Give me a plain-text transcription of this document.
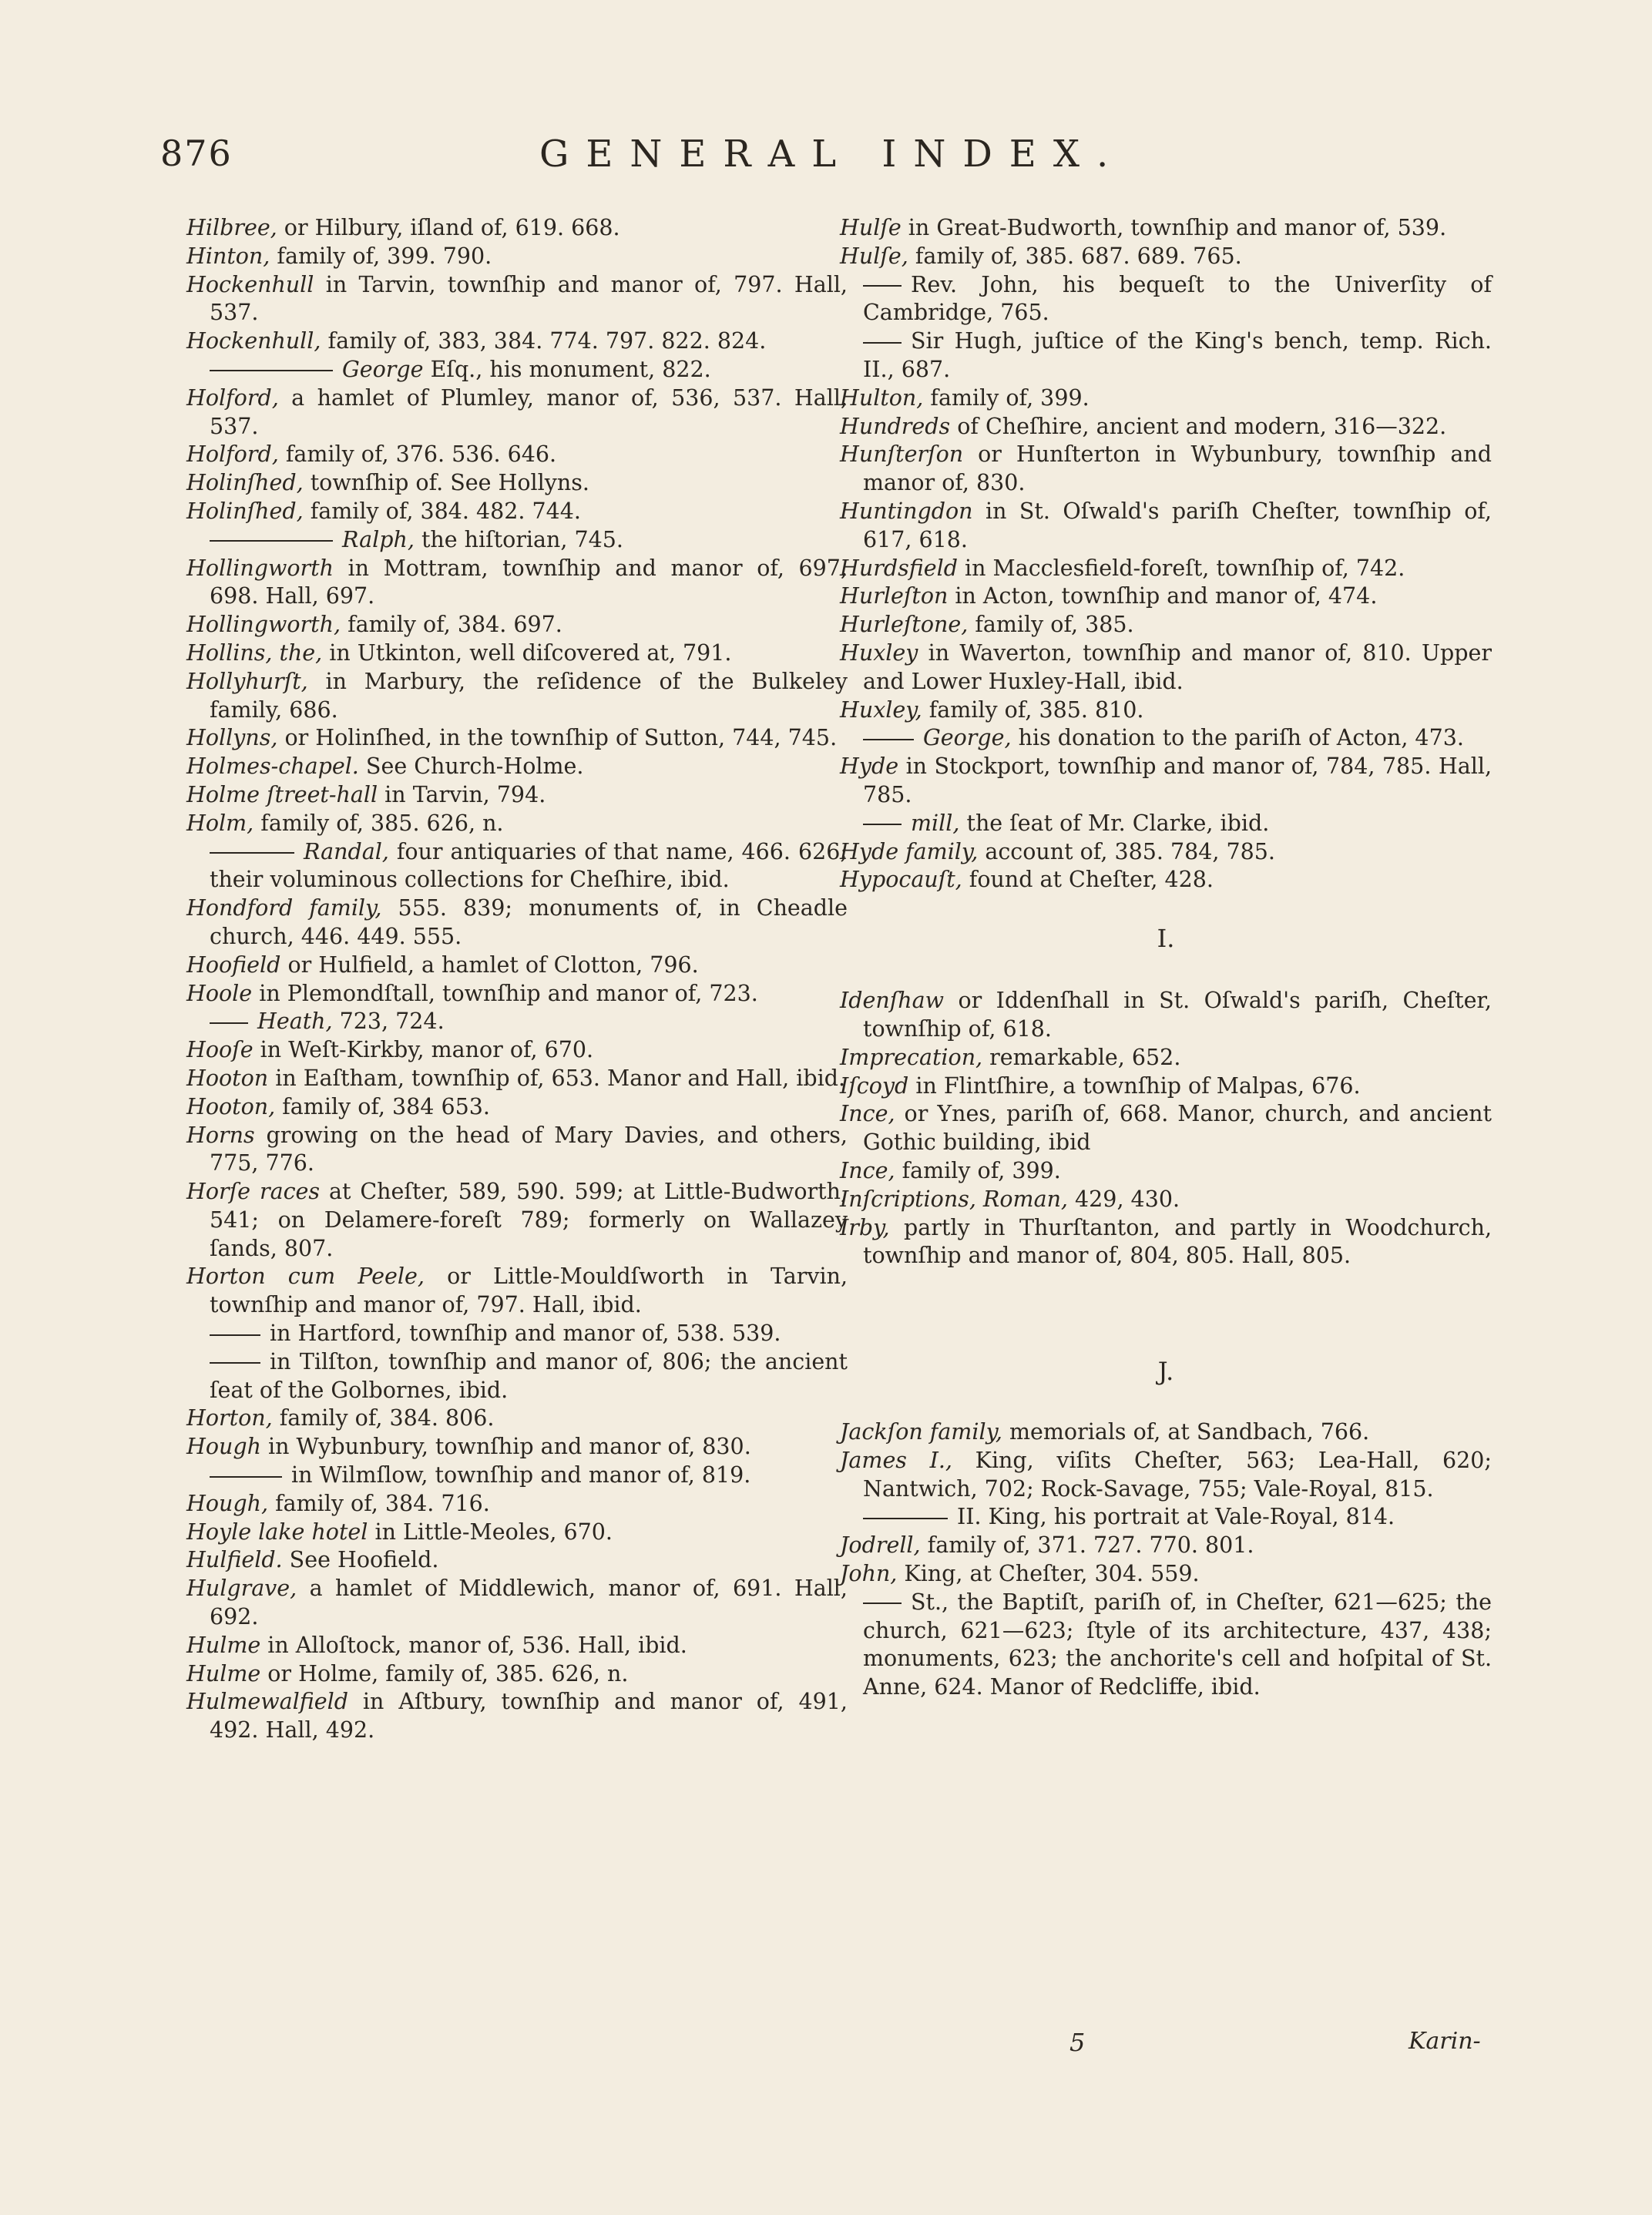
876	GENERAL INDEX.
Hilbree, or Hilbury, iſland of, 619. 668.
Hinton, family of, 399. 790.
Hockenhull in Tarvin, townſhip and manor of, 797. Hall, 537.
Hockenhull, family of, 383, 384. 774. 797. 822. 824.
George Eſq., his monument, 822.
Holford, a hamlet of Plumley, manor of, 536, 537. Hall, 537.
Holford, family of, 376. 536. 646.
Holinſhed, townſhip of. See Hollyns.
Holinſhed, family of, 384. 482. 744.
Ralph, the hiſtorian, 745.
Hollingworth in Mottram, townſhip and manor of, 697, 698. Hall, 697.
Hollingworth, family of, 384. 697.
Hollins, the, in Utkinton, well diſcovered at, 791.
Hollyhurſt, in Marbury, the reſidence of the Bulkeley family, 686.
Hollyns, or Holinſhed, in the townſhip of Sutton, 744, 745.
Holmes-chapel. See Church-Holme.
Holme ſtreet-hall in Tarvin, 794.
Holm, family of, 385. 626, n.
Randal, four antiquaries of that name, 466. 626; their voluminous collections for Cheſhire, ibid.
Hondford family, 555. 839; monuments of, in Cheadle church, 446. 449. 555.
Hoofield or Hulfield, a hamlet of Clotton, 796.
Hoole in Plemondſtall, townſhip and manor of, 723.
Heath, 723, 724.
Hooſe in Weſt-Kirkby, manor of, 670.
Hooton in Eaſtham, townſhip of, 653. Manor and Hall, ibid.
Hooton, family of, 384 653.
Horns growing on the head of Mary Davies, and others, 775, 776.
Horſe races at Cheſter, 589, 590. 599; at Little-Budworth, 541; on Delamere-foreſt 789; formerly on Wallazey ſands, 807.
Horton cum Peele, or Little-Mouldſworth in Tarvin, townſhip and manor of, 797. Hall, ibid.
in Hartford, townſhip and manor of, 538. 539.
in Tilſton, townſhip and manor of, 806; the ancient ſeat of the Golbornes, ibid.
Horton, family of, 384. 806.
Hough in Wybunbury, townſhip and manor of, 830.
in Wilmſlow, townſhip and manor of, 819.
Hough, family of, 384. 716.
Hoyle lake hotel in Little-Meoles, 670.
Hulfield. See Hoofield.
Hulgrave, a hamlet of Middlewich, manor of, 691. Hall, 692.
Hulme in Alloſtock, manor of, 536. Hall, ibid.
Hulme or Holme, family of, 385. 626, n.
Hulmewalfield in Aſtbury, townſhip and manor of, 491, 492. Hall, 492.
Hulſe in Great-Budworth, townſhip and manor of, 539.
Hulſe, family of, 385. 687. 689. 765.
Rev. John, his bequeſt to the Univerſity of Cambridge, 765.
Sir Hugh, juſtice of the King's bench, temp. Rich. II., 687.
Hulton, family of, 399.
Hundreds of Cheſhire, ancient and modern, 316—322.
Hunſterſon or Hunſterton in Wybunbury, townſhip and manor of, 830.
Huntingdon in St. Oſwald's pariſh Cheſter, townſhip of, 617, 618.
Hurdsfield in Macclesfield-foreſt, townſhip of, 742.
Hurleſton in Acton, townſhip and manor of, 474.
Hurleſtone, family of, 385.
Huxley in Waverton, townſhip and manor of, 810. Upper and Lower Huxley-Hall, ibid.
Huxley, family of, 385. 810.
George, his donation to the pariſh of Acton, 473.
Hyde in Stockport, townſhip and manor of, 784, 785. Hall, 785.
mill, the ſeat of Mr. Clarke, ibid.
Hyde family, account of, 385. 784, 785.
Hypocauſt, found at Cheſter, 428.
I.
Idenſhaw or Iddenſhall in St. Oſwald's pariſh, Cheſter, townſhip of, 618.
Imprecation, remarkable, 652.
Iſcoyd in Flintſhire, a townſhip of Malpas, 676.
Ince, or Ynes, pariſh of, 668. Manor, church, and ancient Gothic building, ibid
Ince, family of, 399.
Inſcriptions, Roman, 429, 430.
Irby, partly in Thurſtanton, and partly in Woodchurch, townſhip and manor of, 804, 805. Hall, 805.
J.
Jackſon family, memorials of, at Sandbach, 766.
James I., King, viſits Cheſter, 563; Lea-Hall, 620; Nantwich, 702; Rock-Savage, 755; Vale-Royal, 815.
II. King, his portrait at Vale-Royal, 814.
Jodrell, family of, 371. 727. 770. 801.
John, King, at Cheſter, 304. 559.
St., the Baptiſt, pariſh of, in Cheſter, 621—625; the church, 621—623; ſtyle of its architecture, 437, 438; monuments, 623; the anchorite's cell and hoſpital of St. Anne, 624. Manor of Redcliffe, ibid.
5	Karin-
